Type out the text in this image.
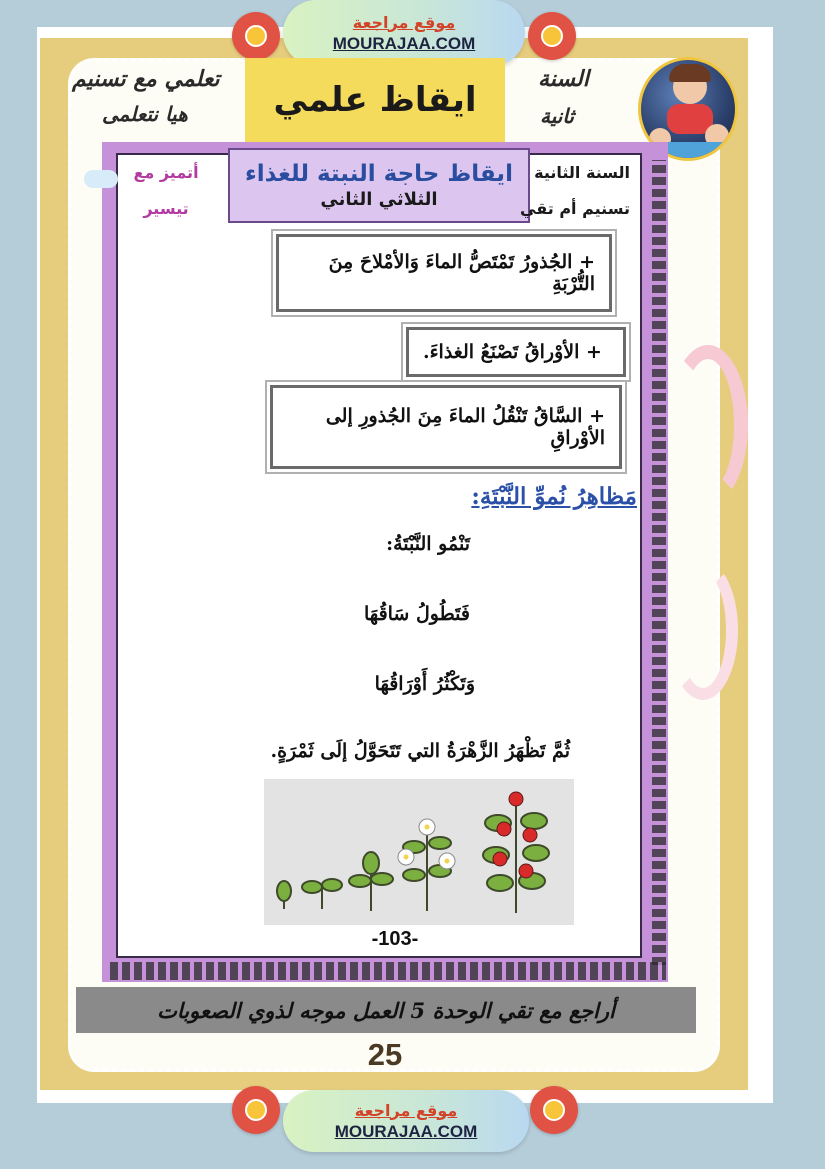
موقع مراجعة
MOURAJAA.COM
تعلمي مع تسنيم
هيا نتعلمى	ايقاظ علمي
السنة
ثانية
ايقاظ حاجة النبتة للغذاء
الثلاثي الثاني
السنة الثانية
تسنيم أم تقي
أتميز مع
تيسير
+ الجُذورُ تَمْتَصُّ الماءَ وَالأمْلاحَ مِنَ التُّرْبَةِ
+ الأوْراقُ تَصْنَعُ الغذاءَ.
+ السَّاقُ تَنْقُلُ الماءَ مِنَ الجُذورِ إلى الأوْراقِ
مَظاهِرُ نُموِّ النَّبْتَةِ:
تَنْمُو النَّبْتَةُ:
فَتَطُولُ سَاقُهَا
وَتَكْثُرُ أَوْرَاقُهَا
ثُمَّ تَظْهَرُ الزَّهْرَةُ التي تَتَحَوَّلُ إلَى ثَمْرَةٍ.
-103-
أراجع مع تقي الوحدة 5 العمل موجه لذوي الصعوبات
25
موقع مراجعة
MOURAJAA.COM
